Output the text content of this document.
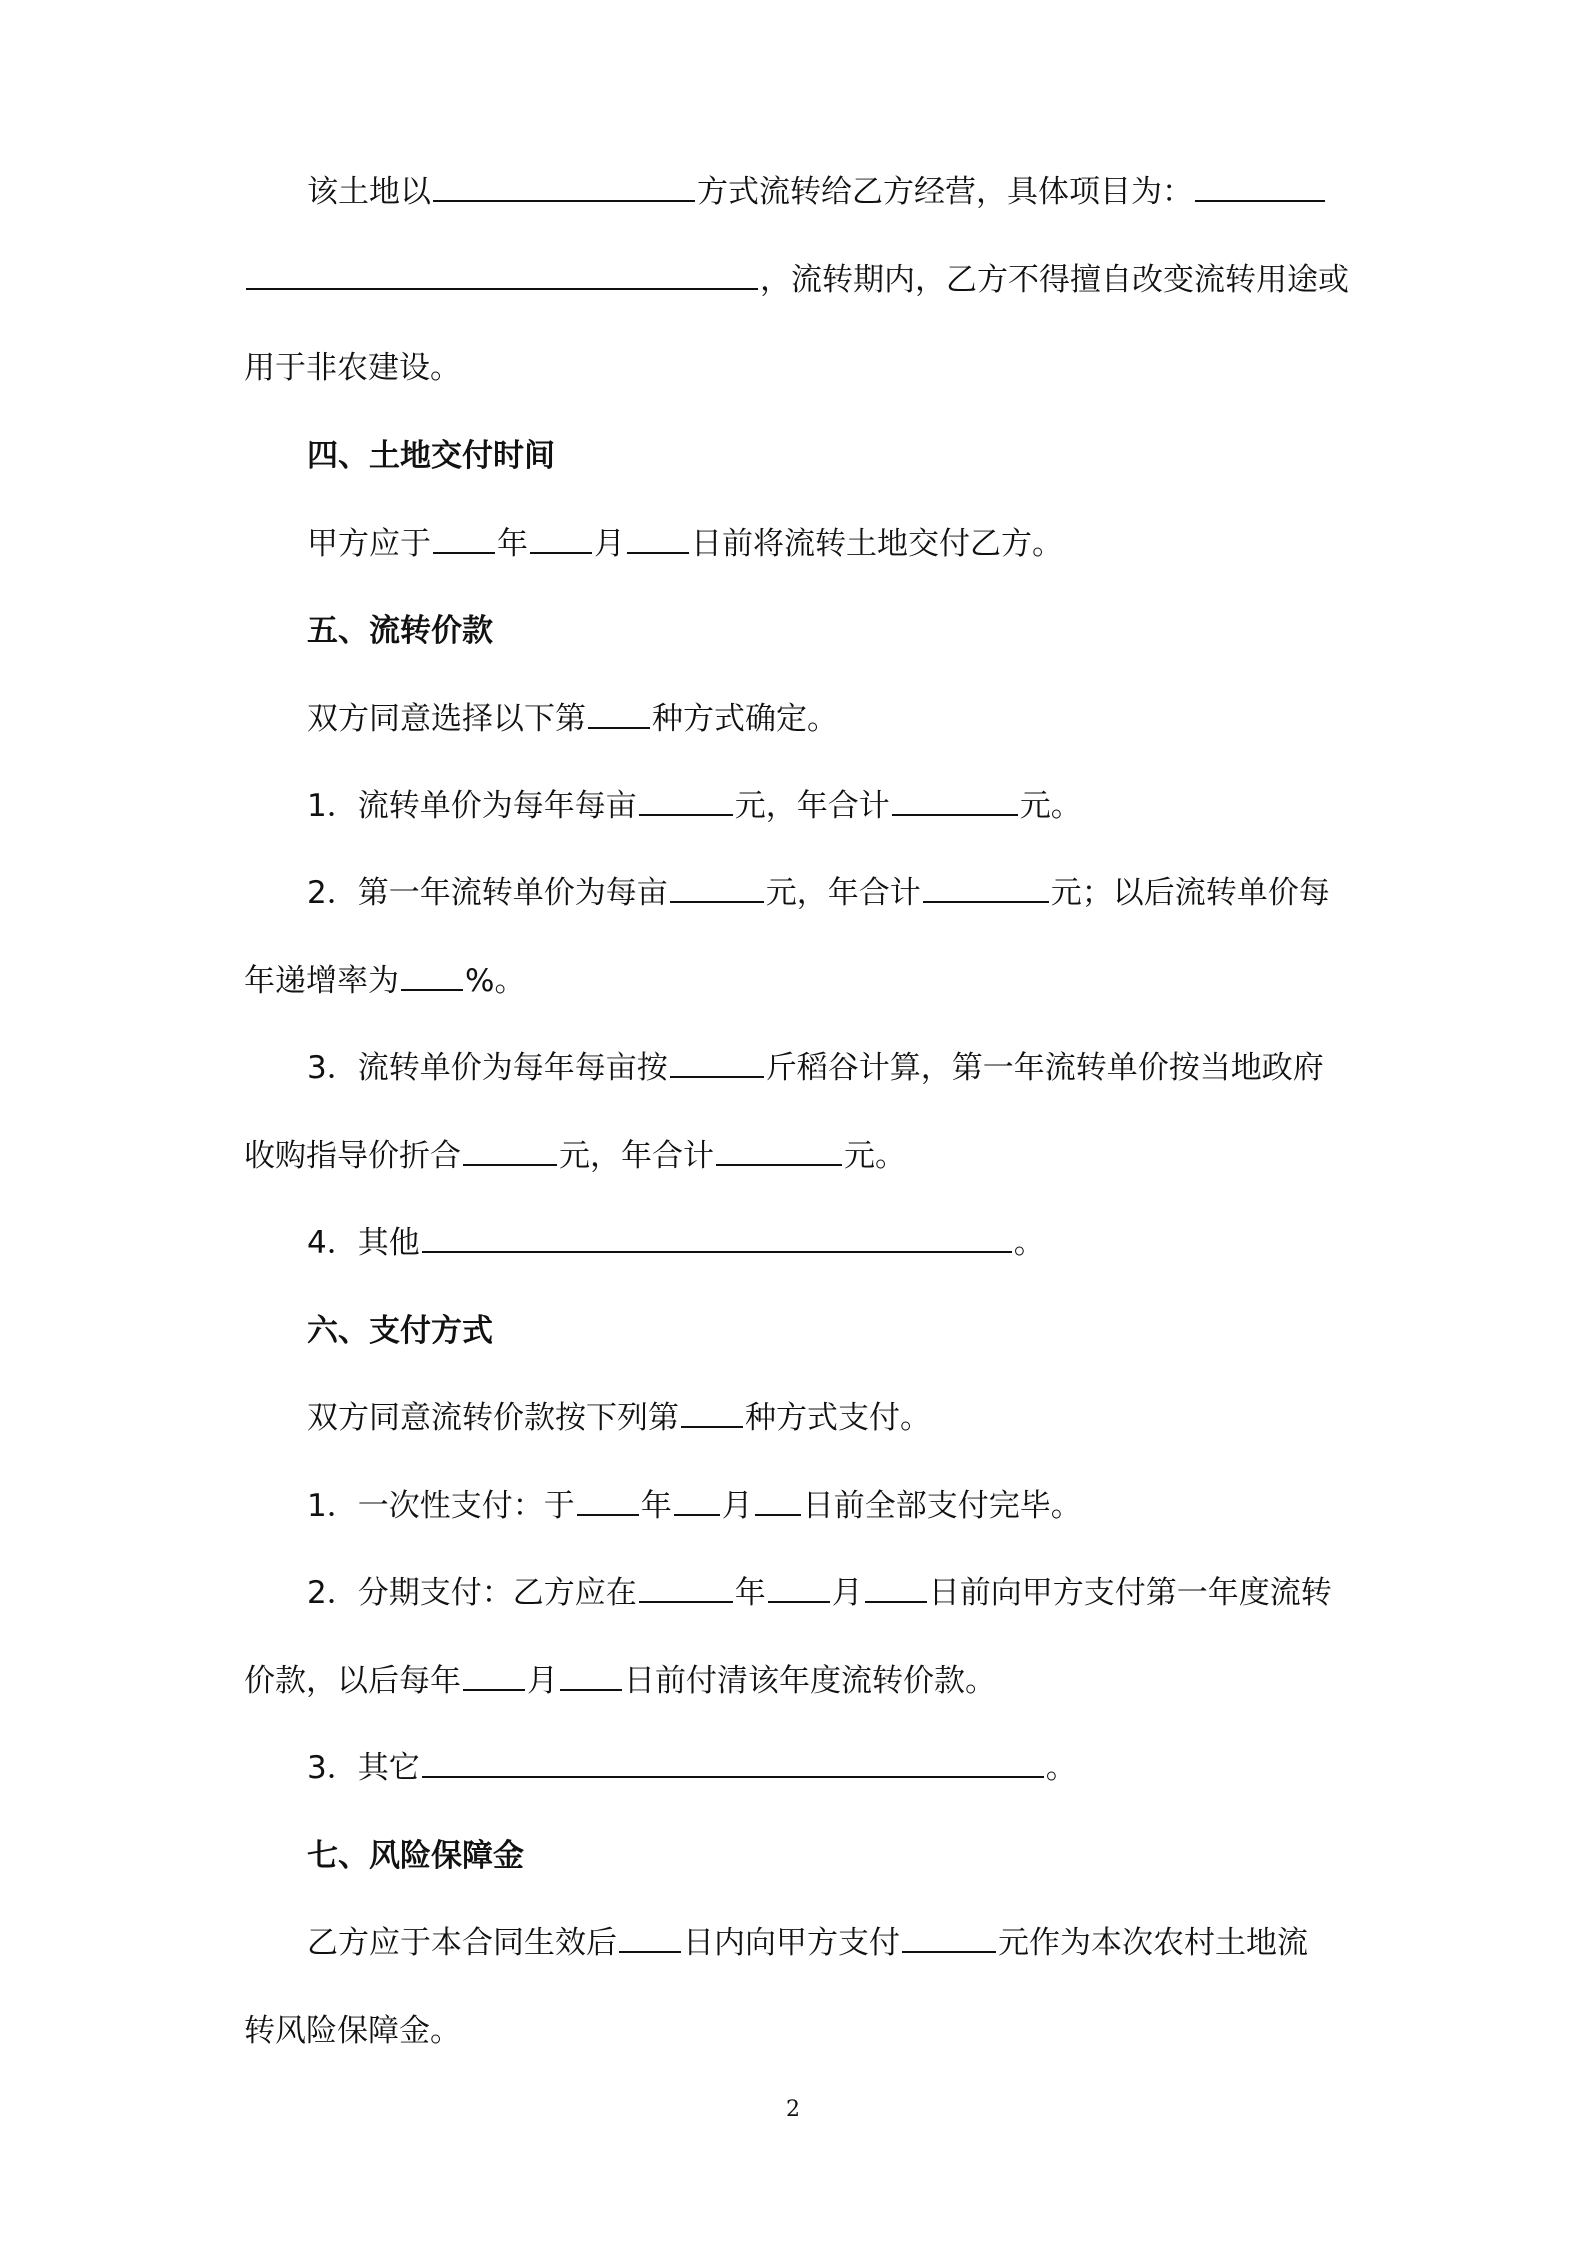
该土地以	方式流转给乙方经营，具体项目为：
，流转期内，乙方不得擅自改变流转用途或
用于非农建设。
四、土地交付时间
甲方应于 年 月 日前将流转土地交付乙方。
五、流转价款
双方同意选择以下第 种方式确定。
1．流转单价为每年每亩	元，年合计	元。
2．第一年流转单价为每亩	元，年合计	元；以后流转单价每
年递增率为 %。
3．流转单价为每年每亩按	斤稻谷计算，第一年流转单价按当地政府
收购指导价折合	元，年合计	元。
4．其他	。
六、支付方式
双方同意流转价款按下列第 种方式支付。
1．一次性支付：于 年 月 日前全部支付完毕。
2．分期支付：乙方应在	年 月 日前向甲方支付第一年度流转
价款，以后每年 月 日前付清该年度流转价款。
3．其它	。
七、风险保障金
乙方应于本合同生效后 日内向甲方支付	元作为本次农村土地流
转风险保障金。
2
